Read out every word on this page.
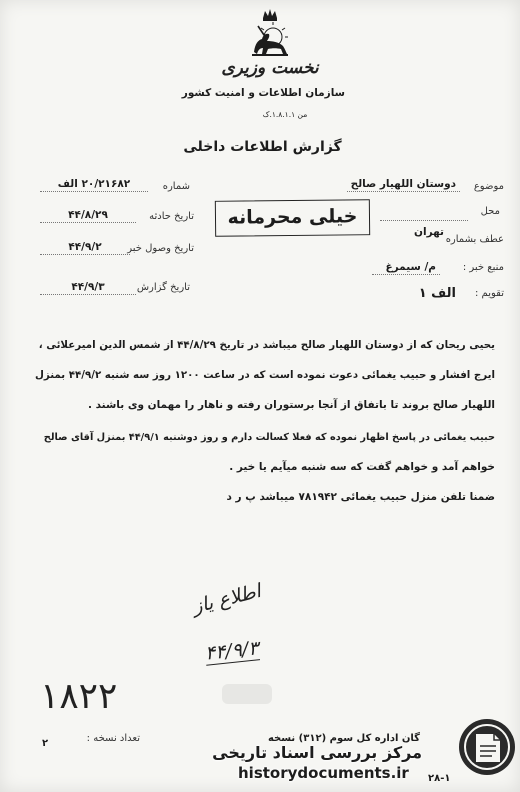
نخست وزیری
سازمان اطلاعات و امنیت کشور
من ۱.۸.۱.۱.ک
گزارش اطلاعات داخلی
شماره
۲۰/۲۱۶۸۲ الف
تاریخ حادثه
۴۴/۸/۲۹
تاریخ وصول خبر
۴۴/۹/۲
تاریخ گزارش
۴۴/۹/۳
موضوع
دوستان اللهیار صالح
محل
تهران
عطف بشماره
منبع خبر :
م/ سیمرغ
تقویم :
الف ۱
خیلی محرمانه
یحیی ریحان که از دوستان اللهیار صالح میباشد در تاریخ ۴۴/۸/۲۹ از شمس الدین امیرعلائی ،
ایرج افشار و حبیب یغمائی دعوت نموده است که در ساعت ۱۲۰۰ روز سه شنبه ۴۴/۹/۲ بمنزل
اللهیار صالح بروند تا باتفاق از آنجا برستوران رفته و ناهار را مهمان وی باشند .
حبیب یغمائی در پاسخ اظهار نموده که فعلا کسالت دارم و روز دوشنبه ۴۴/۹/۱ بمنزل آقای صالح
خواهم آمد و خواهم گفت که سه شنبه میآیم یا خیر .
ضمنا تلفن منزل حبیب یغمائی ۷۸۱۹۴۲ میباشد پ ر د
اطلاع یاز
۴۴/۹/۳
۱۸۲۲
تعداد نسخه :
۲	گان اداره کل سوم (۳۱۲) نسخه
مرکز بررسی اسناد تاریخی
historydocuments.ir ۲۸-۱
